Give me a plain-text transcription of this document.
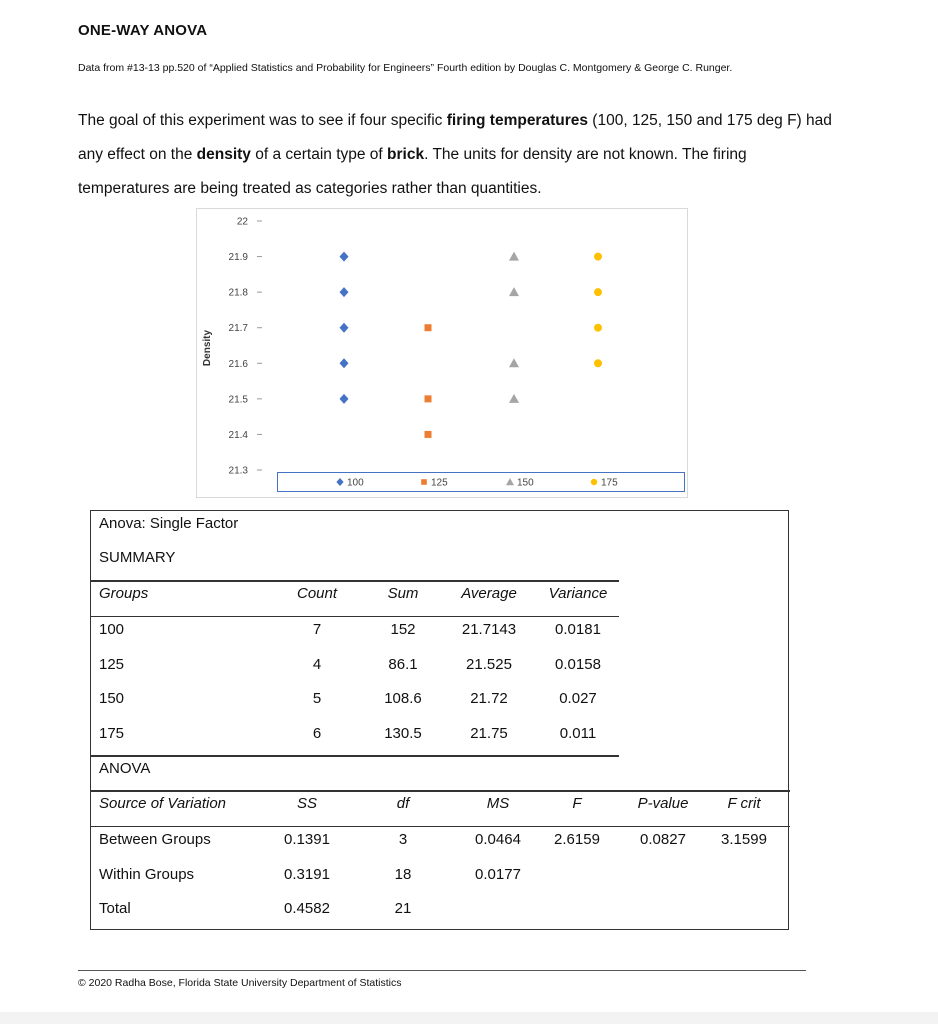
ONE-WAY ANOVA
Data from #13-13 pp.520 of “Applied Statistics and Probability for Engineers” Fourth edition by Douglas C. Montgomery & George C. Runger.
The goal of this experiment was to see if four specific firing temperatures (100, 125, 150 and 175 deg F) had any effect on the density of a certain type of brick. The units for density are not known. The firing temperatures are being treated as categories rather than quantities.
Density
22
21.9
21.8
21.7
21.6
21.5
21.4
21.3
100	125	150	175
Anova: Single Factor
SUMMARY
Groups	Count	Sum	Average	Variance
100	7	152	21.7143	0.0181
125	4	86.1	21.525	0.0158
150	5	108.6	21.72	0.027
175	6	130.5	21.75	0.011
ANOVA
Source of Variation	SS	df	MS	F	P-value	F crit
Between Groups	0.1391	3	0.0464	2.6159	0.0827	3.1599
Within Groups	0.3191	18	0.0177
Total	0.4582	21
© 2020 Radha Bose, Florida State University Department of Statistics
